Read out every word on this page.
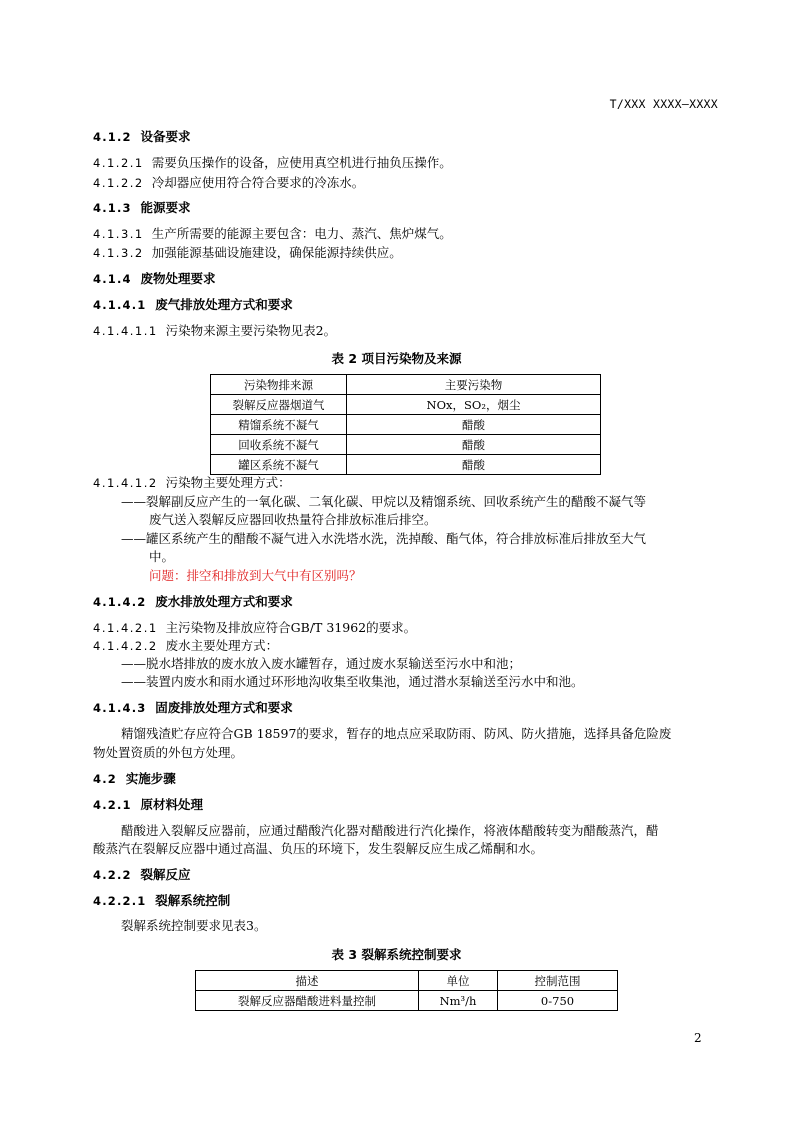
T/XXX XXXX—XXXX
4.1.2 设备要求
4.1.2.1 需要负压操作的设备，应使用真空机进行抽负压操作。
4.1.2.2 冷却器应使用符合符合要求的冷冻水。
4.1.3 能源要求
4.1.3.1 生产所需要的能源主要包含：电力、蒸汽、焦炉煤气。
4.1.3.2 加强能源基础设施建设，确保能源持续供应。
4.1.4 废物处理要求
4.1.4.1 废气排放处理方式和要求
4.1.4.1.1 污染物来源主要污染物见表2。
表 2 项目污染物及来源
污染物排来源	主要污染物
裂解反应器烟道气	NOx，SO₂，烟尘
精馏系统不凝气	醋酸
回收系统不凝气	醋酸
罐区系统不凝气	醋酸
4.1.4.1.2 污染物主要处理方式：
——裂解副反应产生的一氧化碳、二氧化碳、甲烷以及精馏系统、回收系统产生的醋酸不凝气等
废气送入裂解反应器回收热量符合排放标准后排空。
——罐区系统产生的醋酸不凝气进入水洗塔水洗，洗掉酸、酯气体，符合排放标准后排放至大气
中。
问题：排空和排放到大气中有区别吗？
4.1.4.2 废水排放处理方式和要求
4.1.4.2.1 主污染物及排放应符合GB/T 31962的要求。
4.1.4.2.2 废水主要处理方式：
——脱水塔排放的废水放入废水罐暂存，通过废水泵输送至污水中和池；
——装置内废水和雨水通过环形地沟收集至收集池，通过潜水泵输送至污水中和池。
4.1.4.3 固废排放处理方式和要求
精馏残渣贮存应符合GB 18597的要求，暂存的地点应采取防雨、防风、防火措施，选择具备危险废
物处置资质的外包方处理。
4.2 实施步骤
4.2.1 原材料处理
醋酸进入裂解反应器前，应通过醋酸汽化器对醋酸进行汽化操作，将液体醋酸转变为醋酸蒸汽，醋
酸蒸汽在裂解反应器中通过高温、负压的环境下，发生裂解反应生成乙烯酮和水。
4.2.2 裂解反应
4.2.2.1 裂解系统控制
裂解系统控制要求见表3。
表 3 裂解系统控制要求
描述	单位	控制范围
裂解反应器醋酸进料量控制	Nm³/h	0-750
2
